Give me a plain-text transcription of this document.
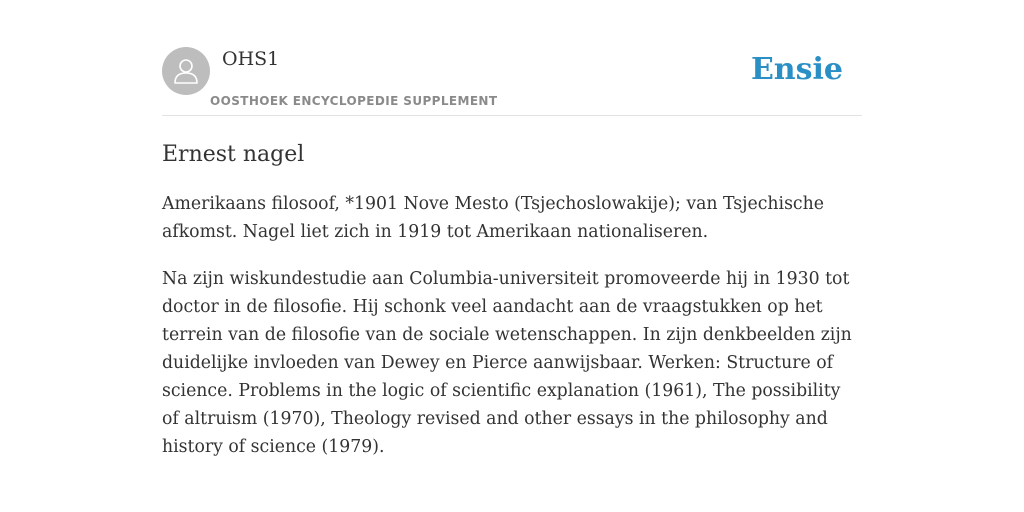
OHS1
OOSTHOEK ENCYCLOPEDIE SUPPLEMENT
Ensie
Ernest nagel

Amerikaans filosoof, *1901 Nove Mesto (Tsjechoslowakije); van Tsjechische afkomst. Nagel liet zich in 1919 tot Amerikaan nationaliseren.

Na zijn wiskundestudie aan Columbia-universiteit promoveerde hij in 1930 tot doctor in de filosofie. Hij schonk veel aandacht aan de vraagstukken op het terrein van de filosofie van de sociale wetenschappen. In zijn denkbeelden zijn duidelijke invloeden van Dewey en Pierce aanwijsbaar. Werken: Structure of science. Problems in the logic of scientific explanation (1961), The possibility of altruism (1970), Theology revised and other essays in the philosophy and history of science (1979).
